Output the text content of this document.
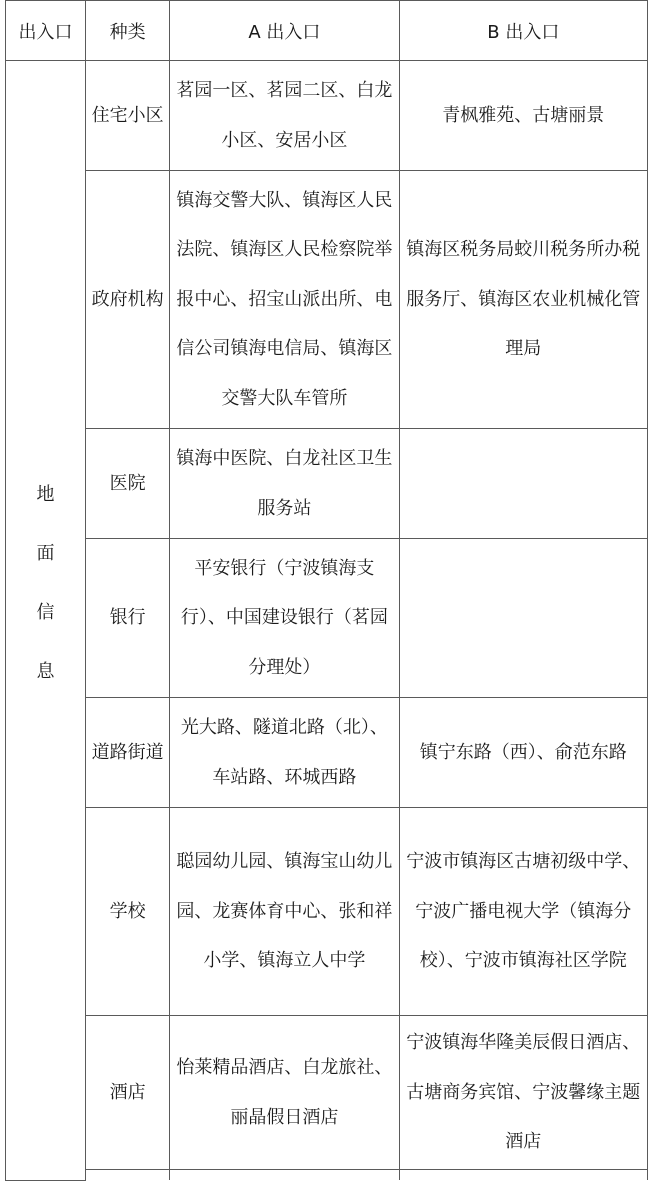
出入口	种类	A 出入口	B 出入口

地面信息	住宅小区	茗园一区、茗园二区、白龙小区、安居小区	青枫雅苑、古塘丽景

	政府机构	镇海交警大队、镇海区人民法院、镇海区人民检察院举报中心、招宝山派出所、电信公司镇海电信局、镇海区交警大队车管所	镇海区税务局蛟川税务所办税服务厅、镇海区农业机械化管理局

	医院	镇海中医院、白龙社区卫生服务站	

	银行	平安银行（宁波镇海支行）、中国建设银行（茗园分理处）	

	道路街道	光大路、隧道北路（北）、车站路、环城西路	镇宁东路（西）、俞范东路

	学校	聪园幼儿园、镇海宝山幼儿园、龙赛体育中心、张和祥小学、镇海立人中学	宁波市镇海区古塘初级中学、宁波广播电视大学（镇海分校）、宁波市镇海社区学院

	酒店	怡莱精品酒店、白龙旅社、丽晶假日酒店	宁波镇海华隆美辰假日酒店、古塘商务宾馆、宁波馨缘主题酒店
